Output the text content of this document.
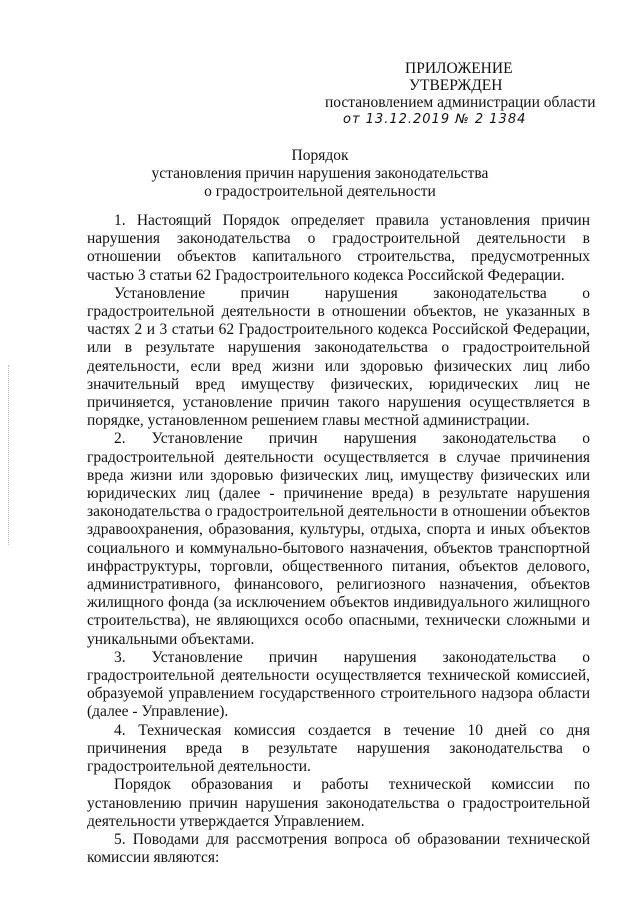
ПРИЛОЖЕНИЕ
УТВЕРЖДЕН
постановлением администрации области
от 13.12.2019 № 2 1384
Порядок
установления причин нарушения законодательства
о градостроительной деятельности

1. Настоящий Порядок определяет правила установления причин нарушения законодательства о градостроительной деятельности в отношении объектов капитального строительства, предусмотренных частью 3 статьи 62 Градостроительного кодекса Российской Федерации.

Установление причин нарушения законодательства о градостроительной деятельности в отношении объектов, не указанных в частях 2 и 3 статьи 62 Градостроительного кодекса Российской Федерации, или в результате нарушения законодательства о градостроительной деятельности, если вред жизни или здоровью физических лиц либо значительный вред имуществу физических, юридических лиц не причиняется, установление причин такого нарушения осуществляется в порядке, установленном решением главы местной администрации.

2. Установление причин нарушения законодательства о градостроительной деятельности осуществляется в случае причинения вреда жизни или здоровью физических лиц, имуществу физических или юридических лиц (далее - причинение вреда) в результате нарушения законодательства о градостроительной деятельности в отношении объектов здравоохранения, образования, культуры, отдыха, спорта и иных объектов социального и коммунально-бытового назначения, объектов транспортной инфраструктуры, торговли, общественного питания, объектов делового, административного, финансового, религиозного назначения, объектов жилищного фонда (за исключением объектов индивидуального жилищного строительства), не являющихся особо опасными, технически сложными и уникальными объектами.

3. Установление причин нарушения законодательства о градостроительной деятельности осуществляется технической комиссией, образуемой управлением государственного строительного надзора области (далее - Управление).

4. Техническая комиссия создается в течение 10 дней со дня причинения вреда в результате нарушения законодательства о градостроительной деятельности.

Порядок образования и работы технической комиссии по установлению причин нарушения законодательства о градостроительной деятельности утверждается Управлением.

5. Поводами для рассмотрения вопроса об образовании технической комиссии являются:
